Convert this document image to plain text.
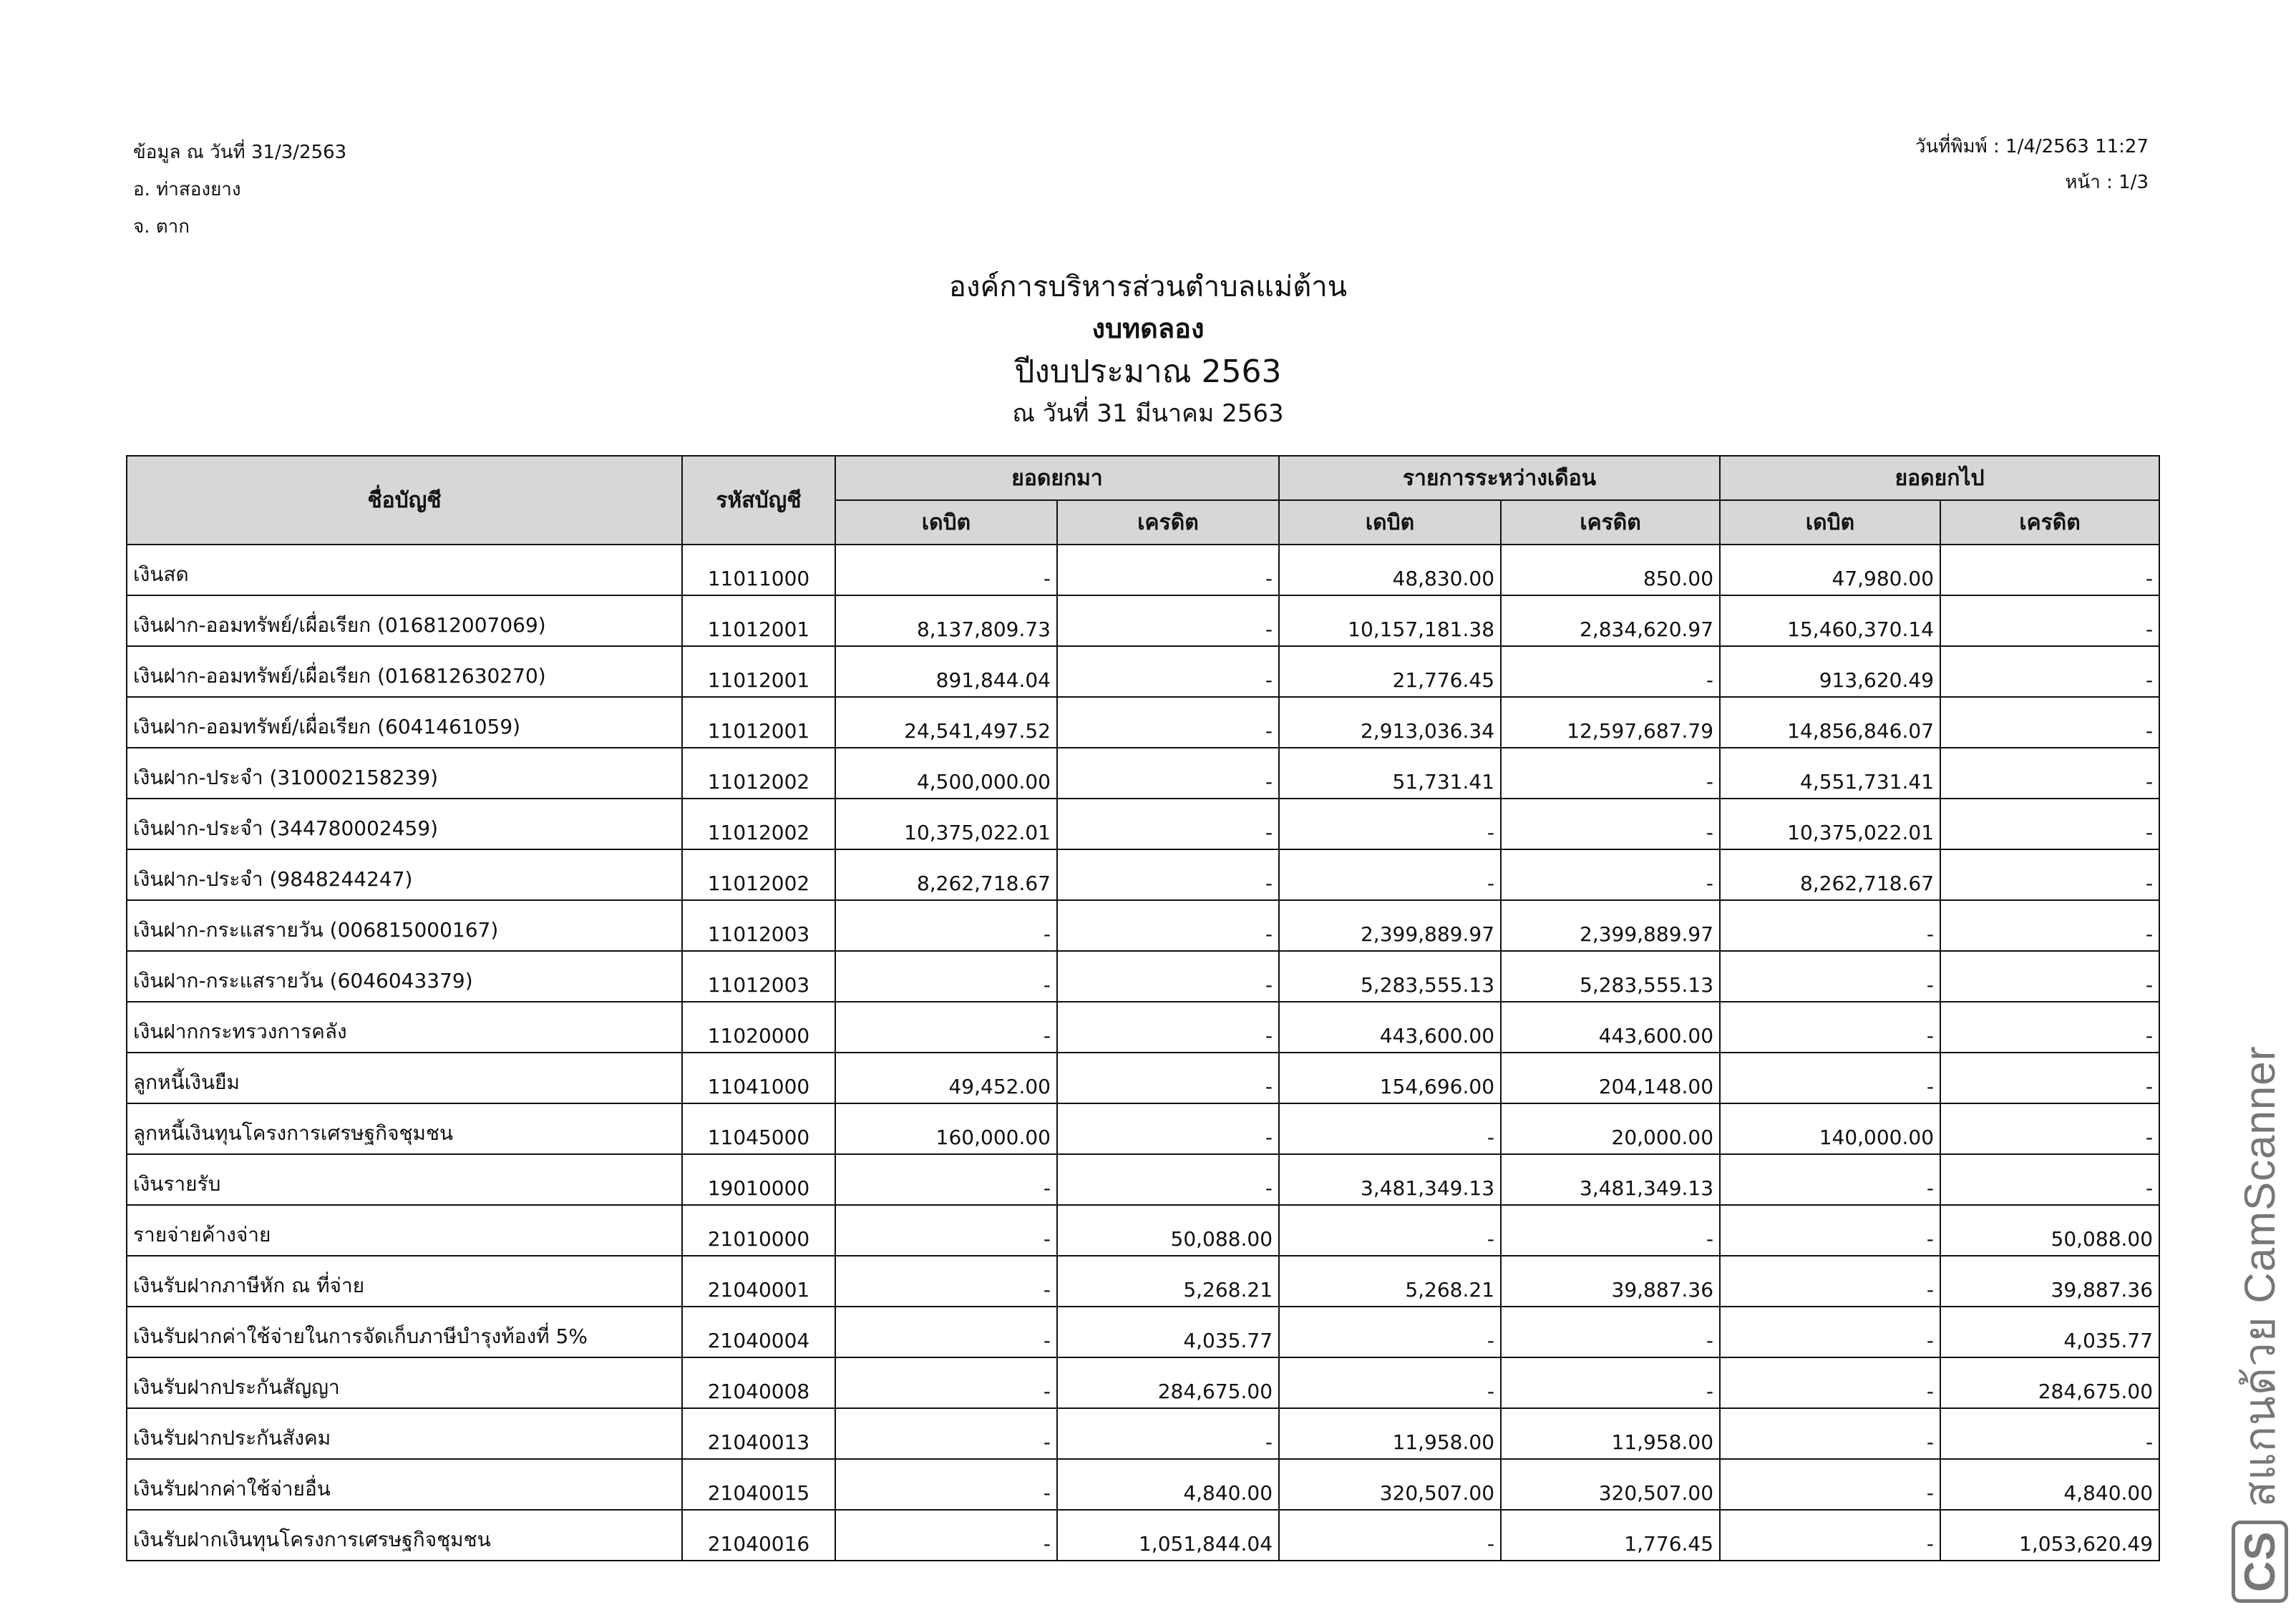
ข้อมูล ณ วันที่ 31/3/2563
อ. ท่าสองยาง
จ. ตาก
วันที่พิมพ์ : 1/4/2563 11:27
หน้า : 1/3
องค์การบริหารส่วนตำบลแม่ต้าน
งบทดลอง
ปีงบประมาณ 2563
ณ วันที่ 31 มีนาคม 2563
ชื่อบัญชี	รหัสบัญชี	ยอดยกมา		รายการระหว่างเดือน		ยอดยกไป	
		เดบิต	เครดิต	เดบิต	เครดิต	เดบิต	เครดิต
เงินสด	11011000	-	-	48,830.00	850.00	47,980.00	-
เงินฝาก-ออมทรัพย์/เผื่อเรียก (016812007069)	11012001	8,137,809.73	-	10,157,181.38	2,834,620.97	15,460,370.14	-
เงินฝาก-ออมทรัพย์/เผื่อเรียก (016812630270)	11012001	891,844.04	-	21,776.45	-	913,620.49	-
เงินฝาก-ออมทรัพย์/เผื่อเรียก (6041461059)	11012001	24,541,497.52	-	2,913,036.34	12,597,687.79	14,856,846.07	-
เงินฝาก-ประจำ (310002158239)	11012002	4,500,000.00	-	51,731.41	-	4,551,731.41	-
เงินฝาก-ประจำ (344780002459)	11012002	10,375,022.01	-	-	-	10,375,022.01	-
เงินฝาก-ประจำ (9848244247)	11012002	8,262,718.67	-	-	-	8,262,718.67	-
เงินฝาก-กระแสรายวัน (006815000167)	11012003	-	-	2,399,889.97	2,399,889.97	-	-
เงินฝาก-กระแสรายวัน (6046043379)	11012003	-	-	5,283,555.13	5,283,555.13	-	-
เงินฝากกระทรวงการคลัง	11020000	-	-	443,600.00	443,600.00	-	-
ลูกหนี้เงินยืม	11041000	49,452.00	-	154,696.00	204,148.00	-	-
ลูกหนี้เงินทุนโครงการเศรษฐกิจชุมชน	11045000	160,000.00	-	-	20,000.00	140,000.00	-
เงินรายรับ	19010000	-	-	3,481,349.13	3,481,349.13	-	-
รายจ่ายค้างจ่าย	21010000	-	50,088.00	-	-	-	50,088.00
เงินรับฝากภาษีหัก ณ ที่จ่าย	21040001	-	5,268.21	5,268.21	39,887.36	-	39,887.36
เงินรับฝากค่าใช้จ่ายในการจัดเก็บภาษีบำรุงท้องที่ 5%	21040004	-	4,035.77	-	-	-	4,035.77
เงินรับฝากประกันสัญญา	21040008	-	284,675.00	-	-	-	284,675.00
เงินรับฝากประกันสังคม	21040013	-	-	11,958.00	11,958.00	-	-
เงินรับฝากค่าใช้จ่ายอื่น	21040015	-	4,840.00	320,507.00	320,507.00	-	4,840.00
เงินรับฝากเงินทุนโครงการเศรษฐกิจชุมชน	21040016	-	1,051,844.04	-	1,776.45	-	1,053,620.49 CSสแกนด้วย CamScanner
